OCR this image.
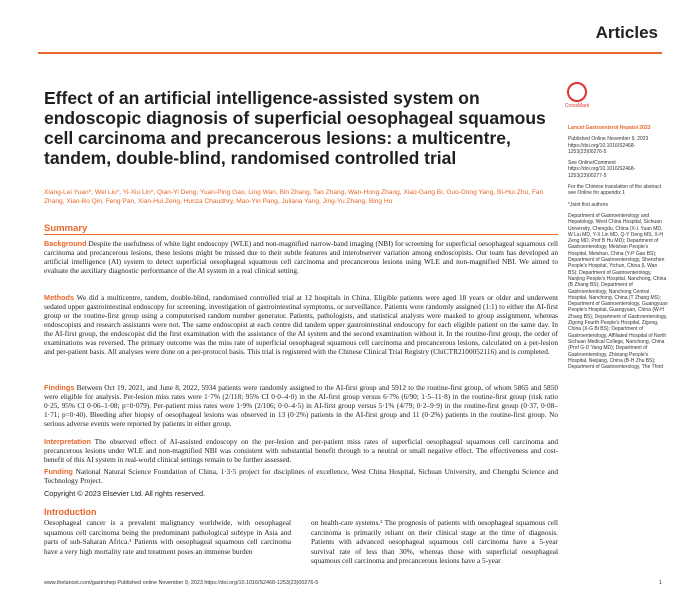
Articles
Effect of an artificial intelligence-assisted system on endoscopic diagnosis of superficial oesophageal squamous cell carcinoma and precancerous lesions: a multicentre, tandem, double-blind, randomised controlled trial
CrossMark
Xiang-Lei Yuan*, Wei Liu*, Yi-Xiu Lin*, Qian-Yi Deng, Yuan-Ping Gao, Ling Wan, Bin Zhang, Tao Zhang, Wan-Hong Zhang, Xiao-Gang Bi, Guo-Dong Yang, Bi-Hui Zhu, Fan Zhang, Xiao-Bo Qin, Feng Pan, Xian-Hui Zeng, Hunza Chaudhry, Mao-Yin Pang, Juliana Yang, Jing-Yu Zhang, Bing Hu
Summary
Background Despite the usefulness of white light endoscopy (WLE) and non-magnified narrow-band imaging (NBI) for screening for superficial oesophageal squamous cell carcinoma and precancerous lesions, these lesions might be missed due to their subtle features and interobserver variation among endoscopists. Our team has developed an artificial intelligence (AI) system to detect superficial oesophageal squamous cell carcinoma and precancerous lesions using WLE and non-magnified NBI. We aimed to evaluate the auxiliary diagnostic performance of the AI system in a real clinical setting.
Methods We did a multicentre, tandem, double-blind, randomised controlled trial at 12 hospitals in China. Eligible patients were aged 18 years or older and underwent sedated upper gastrointestinal endoscopy for screening, investigation of gastrointestinal symptoms, or surveillance. Patients were randomly assigned (1:1) to either the AI-first group or the routine-first group using a computerised random number generator. Patients, pathologists, and statistical analysts were masked to group assignment, whereas endoscopists and research assistants were not. The same endoscopist at each centre did tandem upper gastrointestinal endoscopy for each eligible patient on the same day. In the AI-first group, the endoscopist did the first examination with the assistance of the AI system and the second examination without it. In the routine-first group, the order of examinations was reversed. The primary outcome was the miss rate of superficial oesophageal squamous cell carcinoma and precancerous lesions, calculated on a per-lesion and per-patient basis. All analyses were done on a per-protocol basis. This trial is registered with the Chinese Clinical Trial Registry (ChiCTR2100052116) and is completed.
Findings Between Oct 19, 2021, and June 8, 2022, 5934 patients were randomly assigned to the AI-first group and 5912 to the routine-first group, of whom 5865 and 5850 were eligible for analysis. Per-lesion miss rates were 1·7% (2/118; 95% CI 0·0–4·0) in the AI-first group versus 6·7% (6/90; 1·5–11·8) in the routine-first group (risk ratio 0·25, 95% CI 0·06–1·08; p=0·079). Per-patient miss rates were 1·9% (2/106; 0·0–4·5) in AI-first group versus 5·1% (4/79; 0·2–9·9) in the routine-first group (0·37, 0·08–1·71; p=0·40). Bleeding after biopsy of oesophageal lesions was observed in 13 (0·2%) patients in the AI-first group and 11 (0·2%) patients in the routine-first group. No serious adverse events were reported by patients in either group.
Interpretation The observed effect of AI-assisted endoscopy on the per-lesion and per-patient miss rates of superficial oesophageal squamous cell carcinoma and precancerous lesions under WLE and non-magnified NBI was consistent with substantial benefit through to a neutral or small negative effect. The effectiveness and cost-benefit of this AI system in real-world clinical settings remain to be further assessed.
Funding National Natural Science Foundation of China, 1·3·5 project for disciplines of excellence, West China Hospital, Sichuan University, and Chengdu Science and Technology Project.
Copyright © 2023 Elsevier Ltd. All rights reserved.
Introduction
Oesophageal cancer is a prevalent malignancy worldwide, with oesophageal squamous cell carcinoma being the predominant pathological subtype in Asia and parts of sub-Saharan Africa.¹ Patients with oesophageal squamous cell carcinoma have a very high mortality rate and treatment poses an immense burden
on health-care systems.² The prognosis of patients with oesophageal squamous cell carcinoma is primarily reliant on their clinical stage at the time of diagnosis. Patients with advanced oesophageal squamous cell carcinoma have a 5-year survival rate of less than 30%, whereas those with superficial oesophageal squamous cell carcinoma and precancerous lesions have a 5-year
Lancet Gastroenterol Hepatol 2023
Published Online November 9, 2023 https://doi.org/10.1016/S2468-1253(23)00276-5
See Online/Comment https://doi.org/10.1016/S2468-1253(23)00277-5
For the Chinese translation of the abstract see Online for appendix 1
*Joint first authors
Department of Gastroenterology and Hepatology, West China Hospital, Sichuan University, Chengdu, China (X-L Yuan MD, W Liu MD, Y-X Lin MD, Q-Y Deng MS, X-H Zeng MD, Prof B Hu MD); Department of Gastroenterology, Meishan People's Hospital, Meishan, China (Y-P Gao BS); Department of Gastroenterology, Shenzhen People's Hospital, Yichun, China (L Wan BS); Department of Gastroenterology, Nanjing People's Hospital, Nanchong, China (B Zhang BS); Department of Gastroenterology, Nanchong Central Hospital, Nanchong, China (T Zhang MS); Department of Gastroenterology, Guangyuan People's Hospital, Guangyuan, China (W-H Zhang BS); Department of Gastroenterology, Zigong Fourth People's Hospital, Zigong, China (X-G Bi BS); Department of Gastroenterology, Affiliated Hospital of North Sichuan Medical College, Nanchong, China (Prof G-D Yang MD); Department of Gastroenterology, Zhixiang People's Hospital, Neijiang, China (B-H Zhu BS); Department of Gastroenterology, The Third
www.thelancet.com/gastrohep Published online November 9, 2023 https://doi.org/10.1016/S2468-1253(23)00276-5	1
